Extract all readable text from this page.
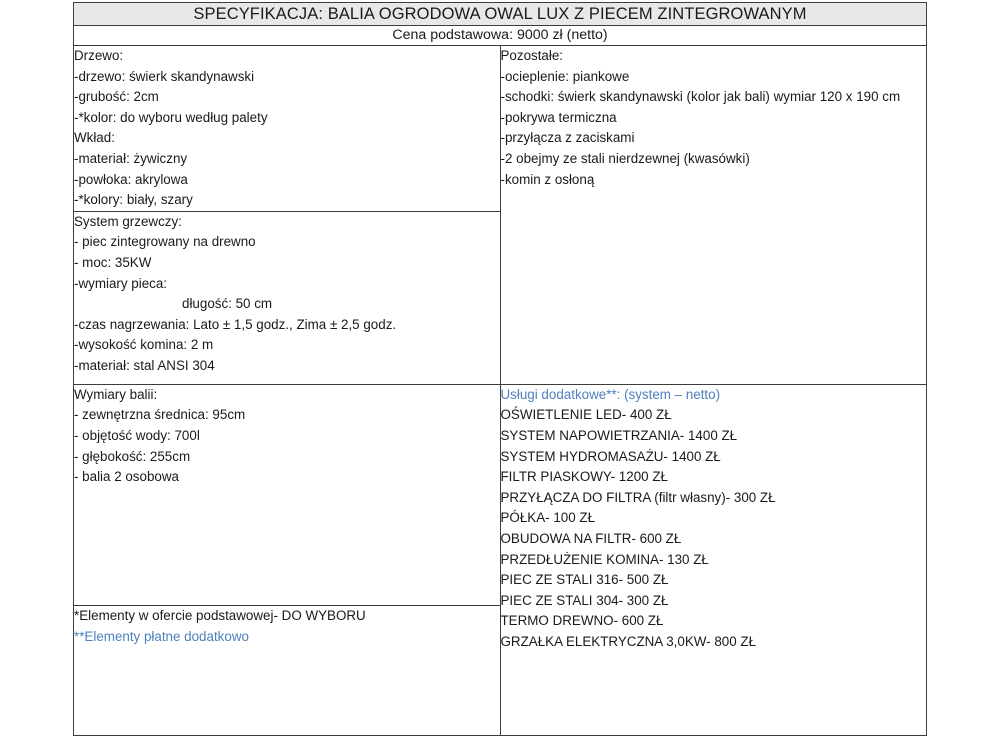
SPECYFIKACJA: BALIA OGRODOWA OWAL LUX Z PIECEM ZINTEGROWANYM	
Cena podstawowa: 9000 zł (netto)	

Drzewo:
-drzewo: świerk skandynawski
-grubość: 2cm
-*kolor: do wyboru według palety
Wkład:
-materiał: żywiczny
-powłoka: akrylowa
-*kolory: biały, szary

Pozostałe:
-ocieplenie: piankowe
-schodki: świerk skandynawski (kolor jak bali) wymiar 120 x 190 cm
-pokrywa termiczna
-przyłącza z zaciskami
-2 obejmy ze stali nierdzewnej (kwasówki)
-komin z osłoną

System grzewczy:
- piec zintegrowany na drewno
- moc: 35KW
-wymiary pieca:
długość: 50 cm
-czas nagrzewania: Lato ± 1,5 godz., Zima ± 2,5 godz.
-wysokość komina: 2 m
-materiał: stal ANSI 304

Wymiary balii:
- zewnętrzna średnica: 95cm
- objętość wody: 700l
- głębokość: 255cm
- balia 2 osobowa

Usługi dodatkowe**: (system – netto)
OŚWIETLENIE LED- 400 ZŁ
SYSTEM NAPOWIETRZANIA- 1400 ZŁ
SYSTEM HYDROMASAŻU- 1400 ZŁ
FILTR PIASKOWY- 1200 ZŁ
PRZYŁĄCZA DO FILTRA (filtr własny)- 300 ZŁ
PÓŁKA- 100 ZŁ
OBUDOWA NA FILTR- 600 ZŁ
PRZEDŁUŻENIE KOMINA- 130 ZŁ
PIEC ZE STALI 316- 500 ZŁ
PIEC ZE STALI 304- 300 ZŁ
TERMO DREWNO- 600 ZŁ
GRZAŁKA ELEKTRYCZNA 3,0KW- 800 ZŁ

*Elementy w ofercie podstawowej- DO WYBORU
**Elementy płatne dodatkowo	
